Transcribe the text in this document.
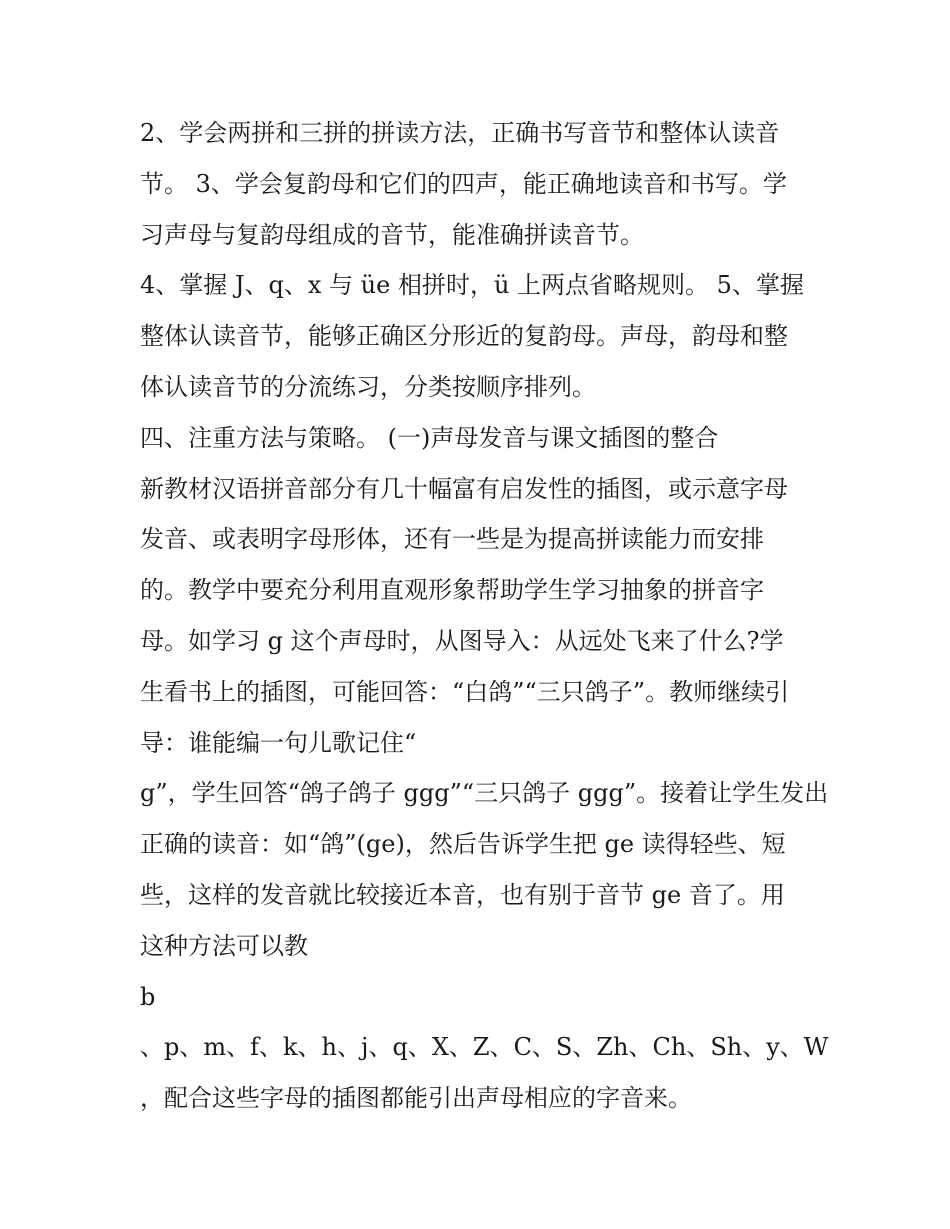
2、学会两拼和三拼的拼读方法，正确书写音节和整体认读音
节。 3、学会复韵母和它们的四声，能正确地读音和书写。学
习声母与复韵母组成的音节，能准确拼读音节。
4、掌握 J、q、x 与 üe 相拼时，ü 上两点省略规则。 5、掌握
整体认读音节，能够正确区分形近的复韵母。声母，韵母和整
体认读音节的分流练习，分类按顺序排列。
四、注重方法与策略。 (一)声母发音与课文插图的整合
新教材汉语拼音部分有几十幅富有启发性的插图，或示意字母
发音、或表明字母形体，还有一些是为提高拼读能力而安排
的。教学中要充分利用直观形象帮助学生学习抽象的拼音字
母。如学习 g 这个声母时，从图导入：从远处飞来了什么?学
生看书上的插图，可能回答：“白鸽”“三只鸽子”。教师继续引
导：谁能编一句儿歌记住“
g”，学生回答“鸽子鸽子 ggg”“三只鸽子 ggg”。接着让学生发出
正确的读音：如“鸽”(ge)，然后告诉学生把 ge 读得轻些、短
些，这样的发音就比较接近本音，也有别于音节 ge 音了。用
这种方法可以教
b
、p、m、f、k、h、j、q、X、Z、C、S、Zh、Ch、Sh、y、W
，配合这些字母的插图都能引出声母相应的字音来。
